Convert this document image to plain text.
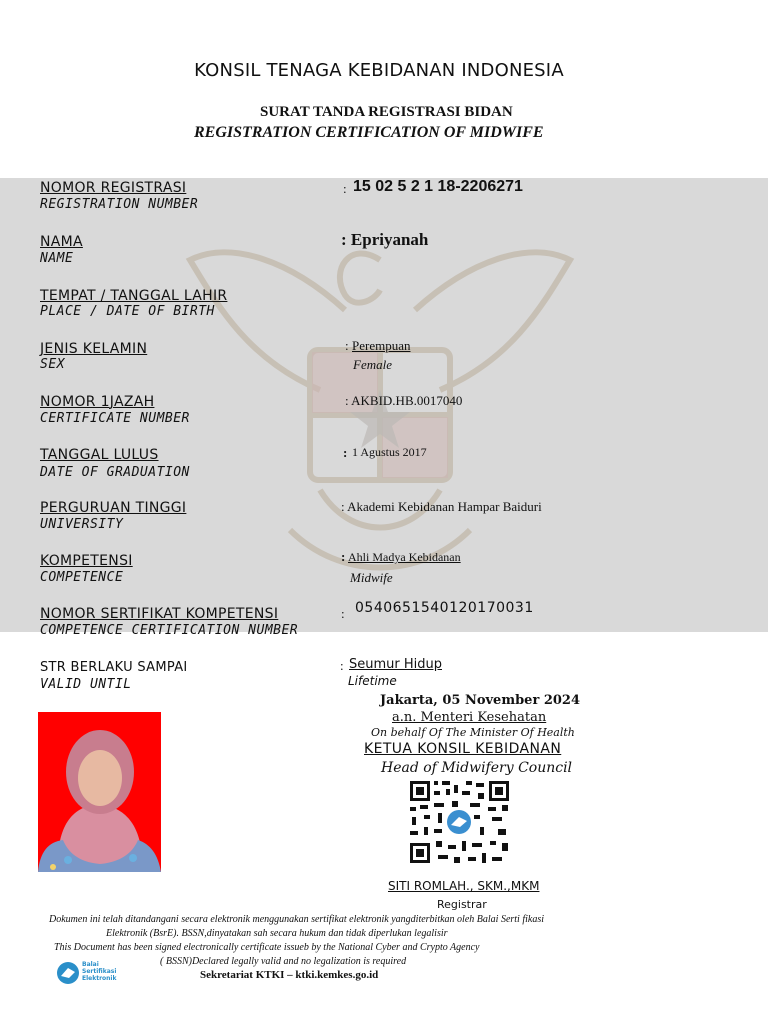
KONSIL TENAGA KEBIDANAN INDONESIA
SURAT TANDA REGISTRASI BIDAN
REGISTRATION CERTIFICATION OF MIDWIFE
NOMOR REGISTRASI
REGISTRATION NUMBER
: 15 02 5 2 1 18-2206271
NAMA
NAME
: Epriyanah
TEMPAT / TANGGAL LAHIR
PLACE / DATE OF BIRTH
JENIS KELAMIN
SEX
: Perempuan
Female
NOMOR 1JAZAH
CERTIFICATE NUMBER
: AKBID.HB.0017040
TANGGAL LULUS
DATE OF GRADUATION
: 1 Agustus 2017
PERGURUAN TINGGI
UNIVERSITY
: Akademi Kebidanan Hampar Baiduri
KOMPETENSI
COMPETENCE
: Ahli Madya Kebidanan
Midwife
NOMOR SERTIFIKAT KOMPETENSI
COMPETENCE CERTIFICATION NUMBER
: 0540651540120170031
STR BERLAKU SAMPAI
VALID UNTIL
: Seumur Hidup
Lifetime
Jakarta, 05 November 2024
a.n. Menteri Kesehatan
On behalf Of The Minister Of Health
KETUA KONSIL KEBIDANAN
Head of Midwifery Council
SITI ROMLAH., SKM.,MKM
Registrar
Dokumen ini telah ditandangani secara elektronik menggunakan sertifikat elektronik yangditerbitkan oleh Balai Serti fikasi
Elektronik (BsrE). BSSN,dinyatakan sah secara hukum dan tidak diperlukan legalisir
This Document has been signed electronically certificate issueb by the National Cyber and Crypto Agency
( BSSN)Declared legally valid and no legalization is required
Sekretariat KTKI – ktki.kemkes.go.id
Balai
Sertifikasi
Elektronik
